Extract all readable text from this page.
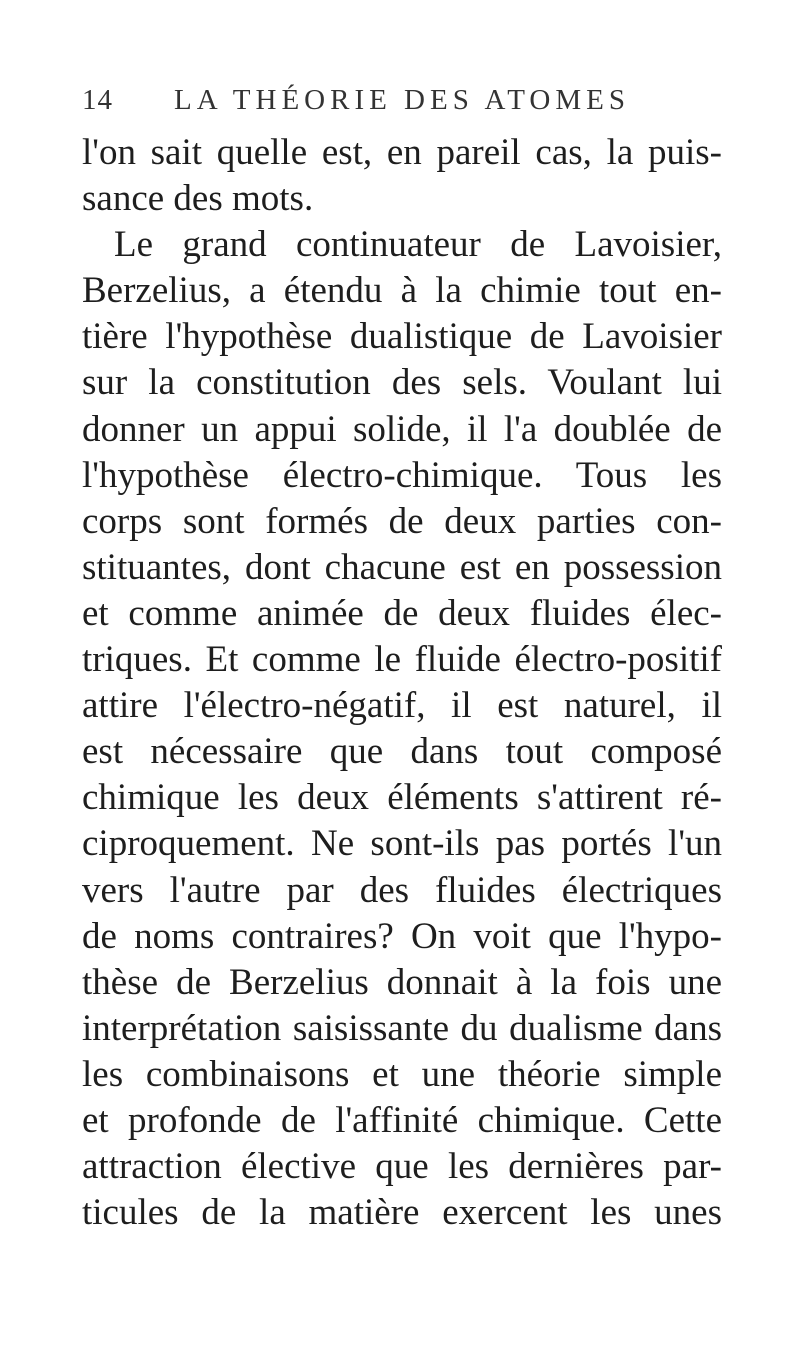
14 LA THÉORIE DES ATOMES
l'on sait quelle est, en pareil cas, la puis-
sance des mots.
Le grand continuateur de Lavoisier,
Berzelius, a étendu à la chimie tout en-
tière l'hypothèse dualistique de Lavoisier
sur la constitution des sels. Voulant lui
donner un appui solide, il l'a doublée de
l'hypothèse électro-chimique. Tous les
corps sont formés de deux parties con-
stituantes, dont chacune est en possession
et comme animée de deux fluides élec-
triques. Et comme le fluide électro-positif
attire l'électro-négatif, il est naturel, il
est nécessaire que dans tout composé
chimique les deux éléments s'attirent ré-
ciproquement. Ne sont-ils pas portés l'un
vers l'autre par des fluides électriques
de noms contraires? On voit que l'hypo-
thèse de Berzelius donnait à la fois une
interprétation saisissante du dualisme dans
les combinaisons et une théorie simple
et profonde de l'affinité chimique. Cette
attraction élective que les dernières par-
ticules de la matière exercent les unes
